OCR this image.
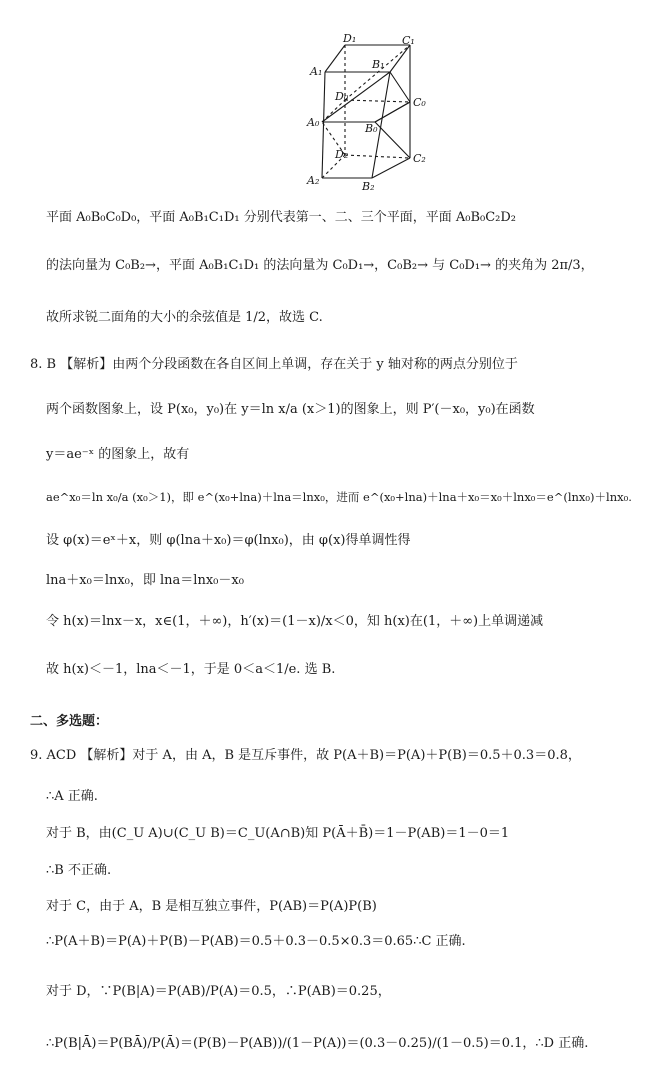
D₁	C₁
A₁
B₁
D₀	C₀
A₀	B₀
D₂	C₂
A₂	B₂
平面 A₀B₀C₀D₀，平面 A₀B₁C₁D₁ 分别代表第一、二、三个平面，平面 A₀B₀C₂D₂
的法向量为 C₀B₂→，平面 A₀B₁C₁D₁ 的法向量为 C₀D₁→，C₀B₂→ 与 C₀D₁→ 的夹角为 2π/3，
故所求锐二面角的大小的余弦值是 1/2，故选 C.
8. B 【解析】由两个分段函数在各自区间上单调，存在关于 y 轴对称的两点分别位于
两个函数图象上，设 P(x₀，y₀)在 y＝ln x/a (x＞1)的图象上，则 P′(－x₀，y₀)在函数
y＝ae⁻ˣ 的图象上，故有
ae^x₀＝ln x₀/a (x₀＞1)，即 e^(x₀+lna)＋lna＝lnx₀，进而 e^(x₀+lna)＋lna＋x₀＝x₀＋lnx₀＝e^(lnx₀)＋lnx₀.
设 φ(x)＝eˣ＋x，则 φ(lna＋x₀)＝φ(lnx₀)，由 φ(x)得单调性得
lna＋x₀＝lnx₀，即 lna＝lnx₀－x₀
令 h(x)＝lnx－x，x∈(1，＋∞)，h′(x)＝(1－x)/x＜0，知 h(x)在(1，＋∞)上单调递减
故 h(x)＜－1，lna＜－1，于是 0＜a＜1/e. 选 B.
二、多选题：
9. ACD 【解析】对于 A，由 A，B 是互斥事件，故 P(A＋B)＝P(A)＋P(B)＝0.5＋0.3＝0.8，
∴A 正确.
对于 B，由(C_U A)∪(C_U B)＝C_U(A∩B)知 P(Ā＋B̄)＝1－P(AB)＝1－0＝1
∴B 不正确.
对于 C，由于 A，B 是相互独立事件，P(AB)＝P(A)P(B)
∴P(A＋B)＝P(A)＋P(B)－P(AB)＝0.5＋0.3－0.5×0.3＝0.65∴C 正确.
对于 D，∵P(B|A)＝P(AB)/P(A)＝0.5，∴P(AB)＝0.25，
∴P(B|Ā)＝P(BĀ)/P(Ā)＝(P(B)－P(AB))/(1－P(A))＝(0.3－0.25)/(1－0.5)＝0.1，∴D 正确.
